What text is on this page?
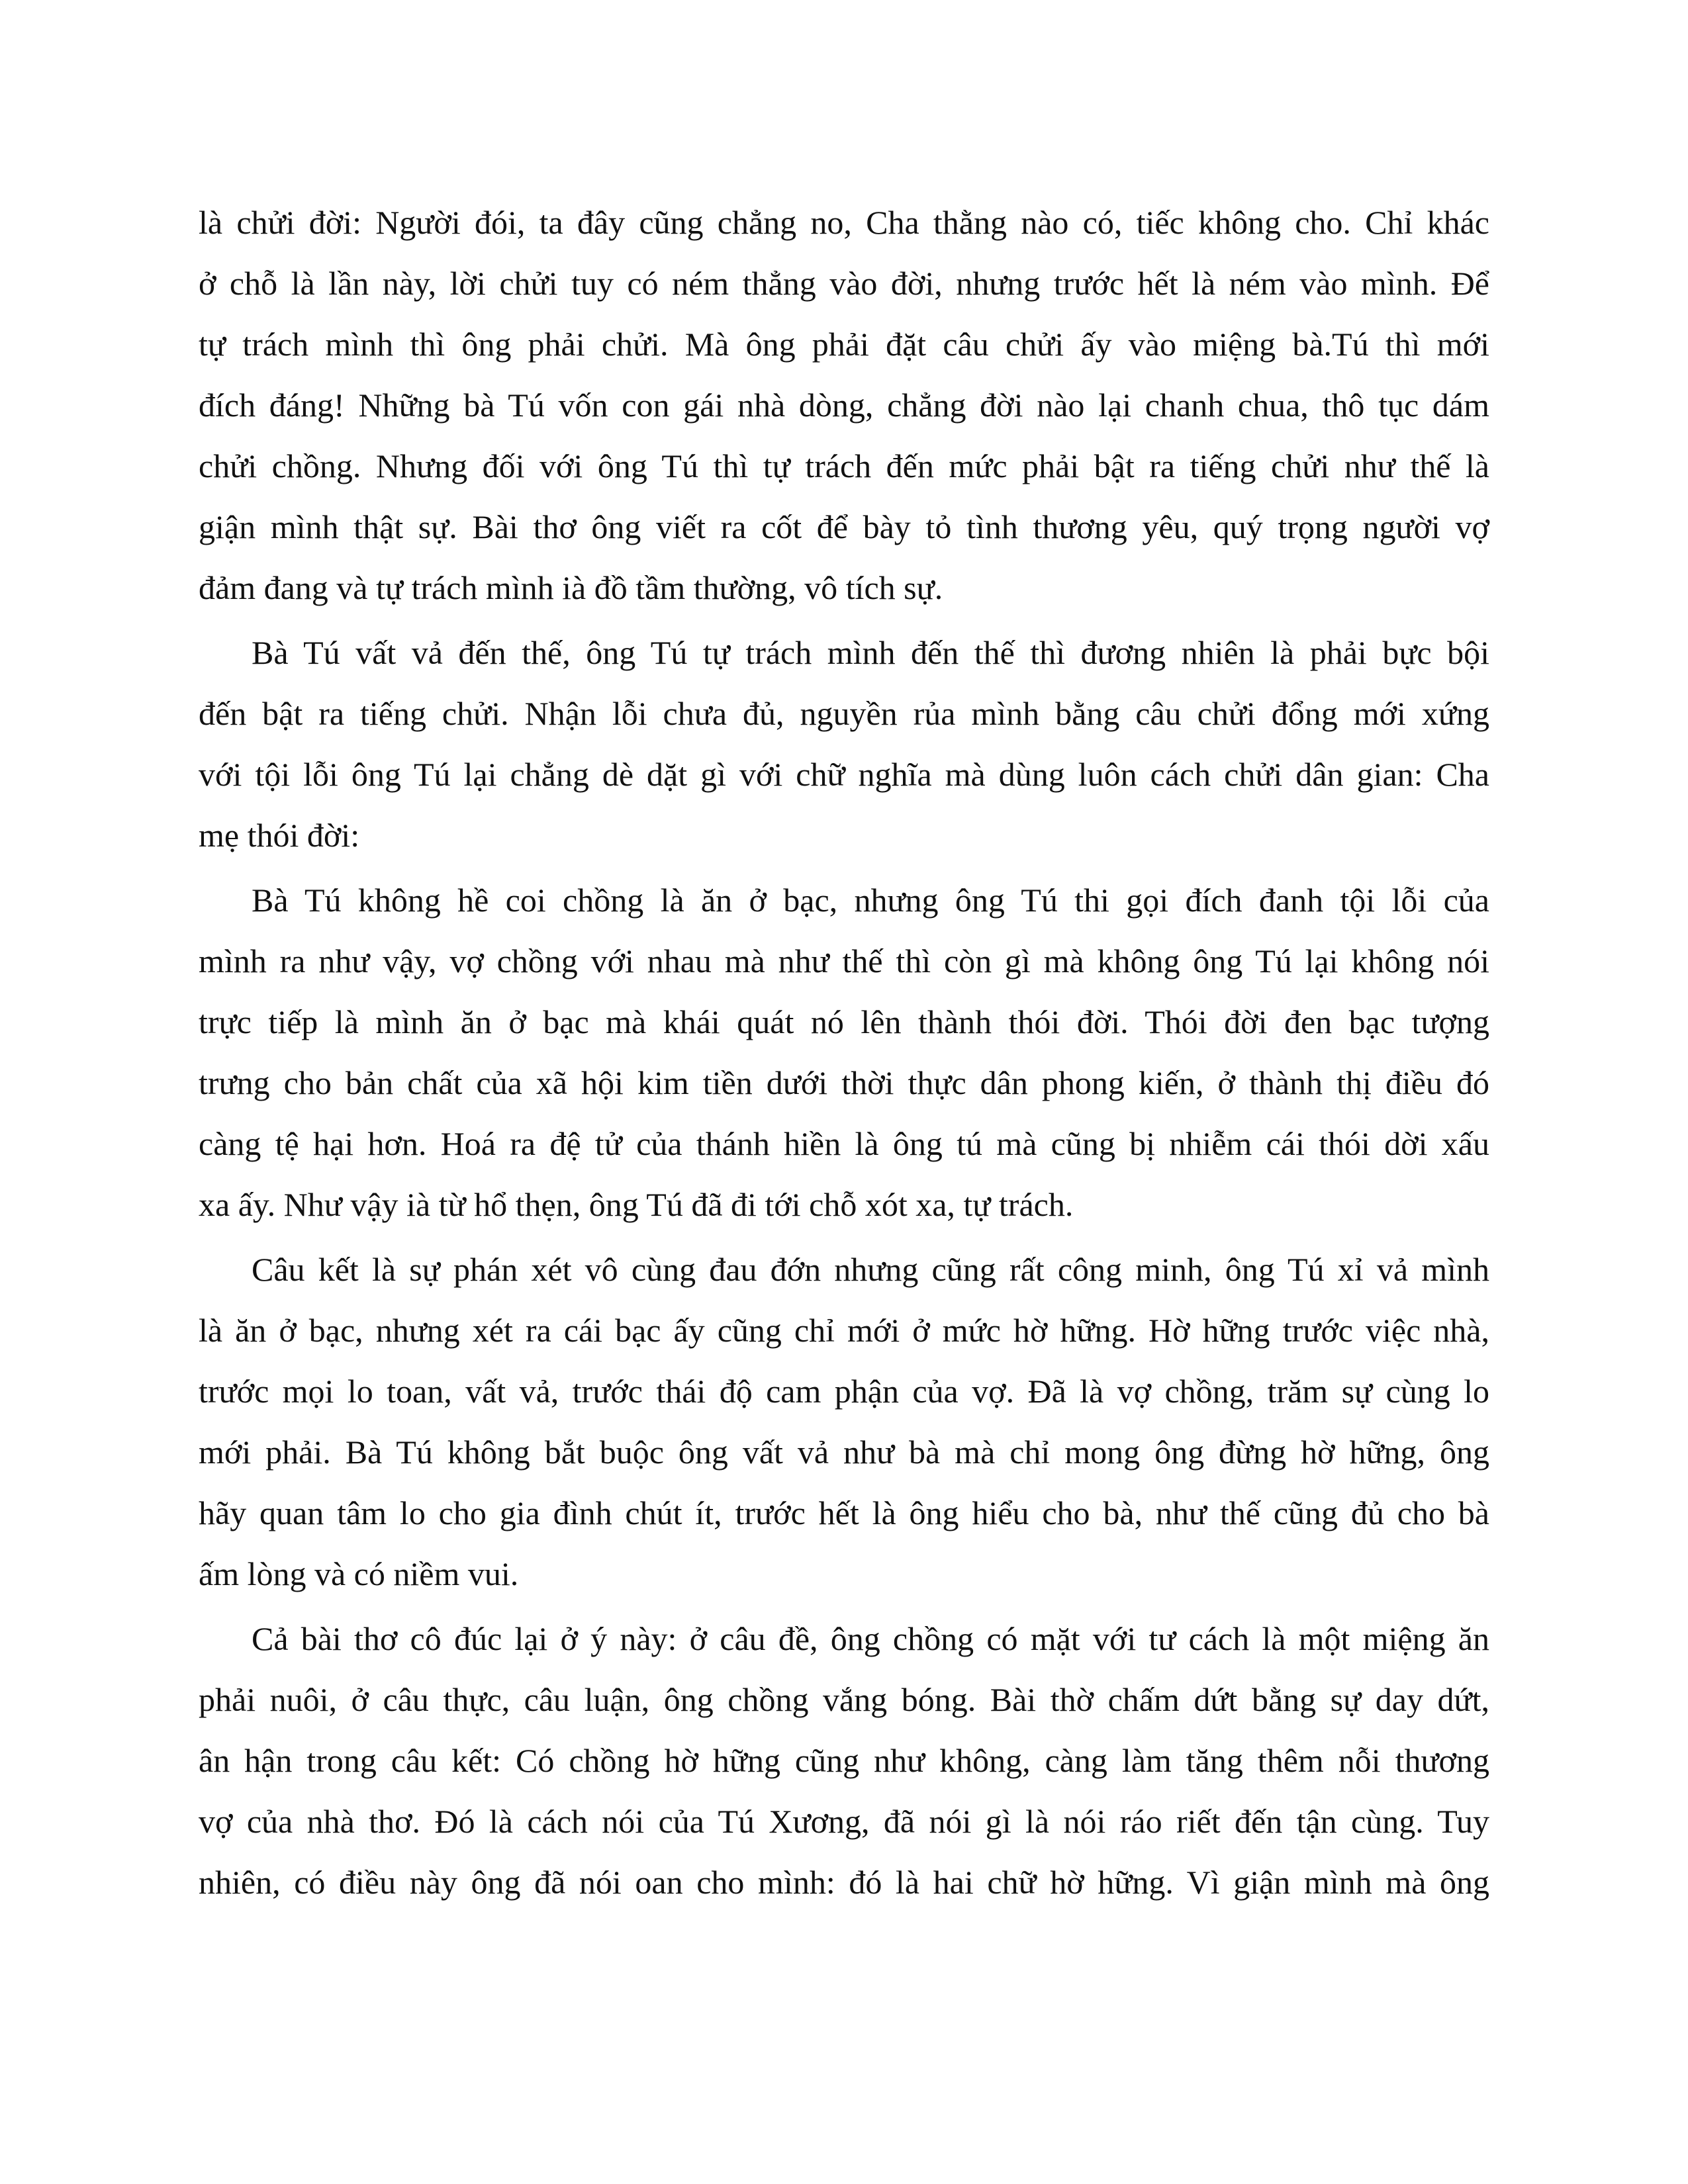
là chửi đời: Người đói, ta đây cũng chẳng no, Cha thằng nào có, tiếc không cho. Chỉ khác
ở chỗ là lần này, lời chửi tuy có ném thẳng vào đời, nhưng trước hết là ném vào mình. Để
tự trách mình thì ông phải chửi. Mà ông phải đặt câu chửi ấy vào miệng bà.Tú thì mới
đích đáng! Những bà Tú vốn con gái nhà dòng, chẳng đời nào lại chanh chua, thô tục dám
chửi chồng. Nhưng đối với ông Tú thì tự trách đến mức phải bật ra tiếng chửi như thế là
giận mình thật sự. Bài thơ ông viết ra cốt để bày tỏ tình thương yêu, quý trọng người vợ
đảm đang và tự trách mình ià đồ tầm thường, vô tích sự.
Bà Tú vất vả đến thế, ông Tú tự trách mình đến thế thì đương nhiên là phải bực bội
đến bật ra tiếng chửi. Nhận lỗi chưa đủ, nguyền rủa mình bằng câu chửi đổng mới xứng
với tội lỗi ông Tú lại chẳng dè dặt gì với chữ nghĩa mà dùng luôn cách chửi dân gian: Cha
mẹ thói đời:
Bà Tú không hề coi chồng là ăn ở bạc, nhưng ông Tú thi gọi đích đanh tội lỗi của
mình ra như vậy, vợ chồng với nhau mà như thế thì còn gì mà không ông Tú lại không nói
trực tiếp là mình ăn ở bạc mà khái quát nó lên thành thói đời. Thói đời đen bạc tượng
trưng cho bản chất của xã hội kim tiền dưới thời thực dân phong kiến, ở thành thị điều đó
càng tệ hại hơn. Hoá ra đệ tử của thánh hiền là ông tú mà cũng bị nhiễm cái thói dời xấu
xa ấy. Như vậy ià từ hổ thẹn, ông Tú đã đi tới chỗ xót xa, tự trách.
Câu kết là sự phán xét vô cùng đau đớn nhưng cũng rất công minh, ông Tú xỉ vả mình
là ăn ở bạc, nhưng xét ra cái bạc ấy cũng chỉ mới ở mức hờ hững. Hờ hững trước việc nhà,
trước mọi lo toan, vất vả, trước thái độ cam phận của vợ. Đã là vợ chồng, trăm sự cùng lo
mới phải. Bà Tú không bắt buộc ông vất vả như bà mà chỉ mong ông đừng hờ hững, ông
hãy quan tâm lo cho gia đình chút ít, trước hết là ông hiểu cho bà, như thế cũng đủ cho bà
ấm lòng và có niềm vui.
Cả bài thơ cô đúc lại ở ý này: ở câu đề, ông chồng có mặt với tư cách là một miệng ăn
phải nuôi, ở câu thực, câu luận, ông chồng vắng bóng. Bài thờ chấm dứt bằng sự day dứt,
ân hận trong câu kết: Có chồng hờ hững cũng như không, càng làm tăng thêm nỗi thương
vợ của nhà thơ. Đó là cách nói của Tú Xương, đã nói gì là nói ráo riết đến tận cùng. Tuy
nhiên, có điều này ông đã nói oan cho mình: đó là hai chữ hờ hững. Vì giận mình mà ông
